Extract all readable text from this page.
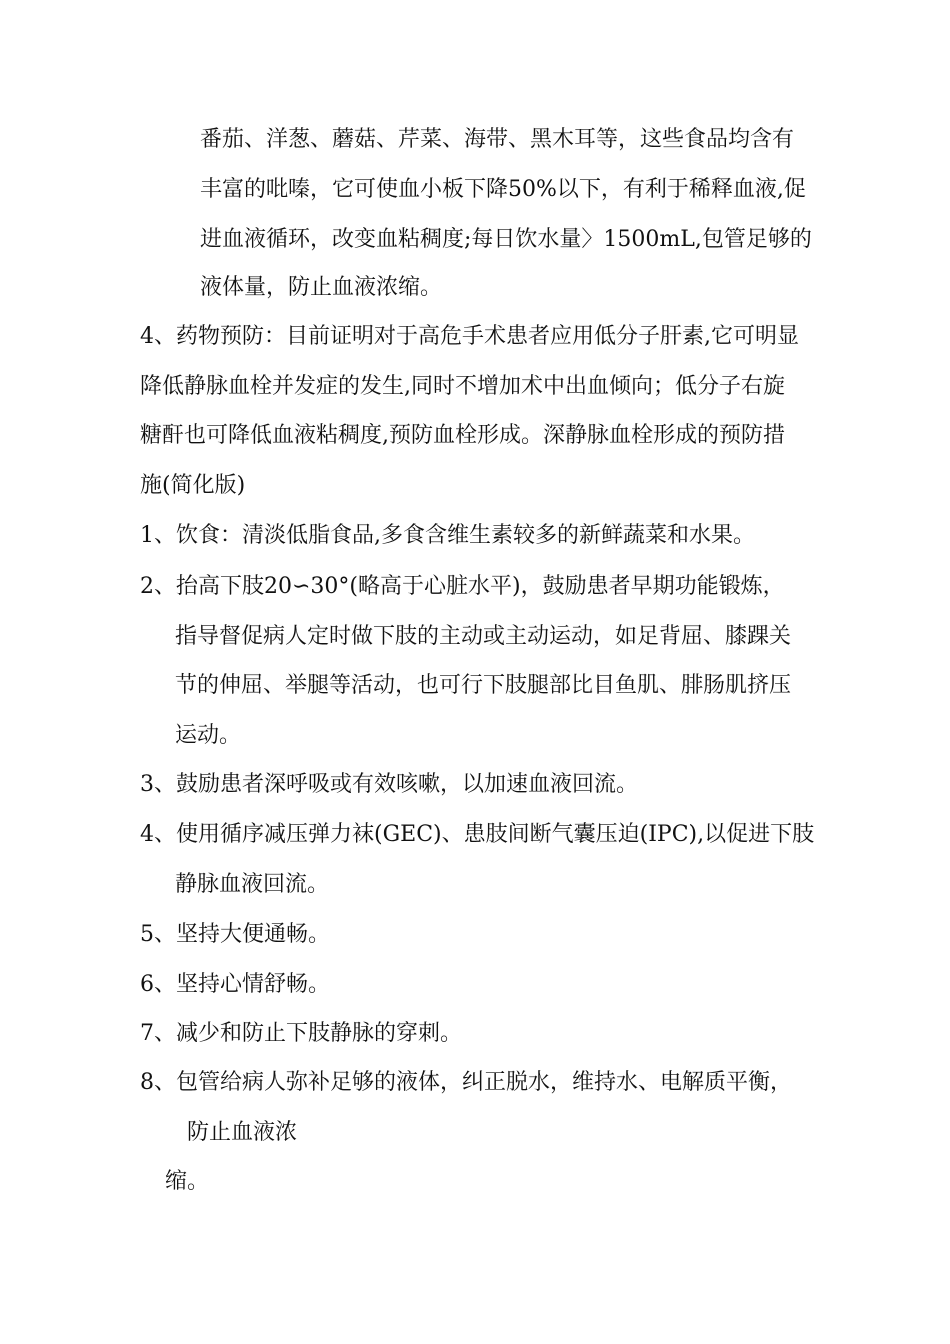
番茄、洋葱、蘑菇、芹菜、海带、黑木耳等，这些食品均含有
丰富的吡嗪，它可使血小板下降50%以下，有利于稀释血液,促
进血液循环，改变血粘稠度;每日饮水量〉1500mL,包管足够的
液体量，防止血液浓缩。
4、药物预防：目前证明对于高危手术患者应用低分子肝素,它可明显
降低静脉血栓并发症的发生,同时不增加术中出血倾向；低分子右旋
糖酐也可降低血液粘稠度,预防血栓形成。深静脉血栓形成的预防措
施(简化版)
1、饮食：清淡低脂食品,多食含维生素较多的新鲜蔬菜和水果。
2、抬高下肢20∽30°(略高于心脏水平)，鼓励患者早期功能锻炼，
指导督促病人定时做下肢的主动或主动运动，如足背屈、膝踝关
节的伸屈、举腿等活动，也可行下肢腿部比目鱼肌、腓肠肌挤压
运动。
3、鼓励患者深呼吸或有效咳嗽，以加速血液回流。
4、使用循序减压弹力袜(GEC)、患肢间断气囊压迫(IPC),以促进下肢
静脉血液回流。
5、坚持大便通畅。
6、坚持心情舒畅。
7、减少和防止下肢静脉的穿刺。
8、包管给病人弥补足够的液体，纠正脱水，维持水、电解质平衡，
防止血液浓
缩。
